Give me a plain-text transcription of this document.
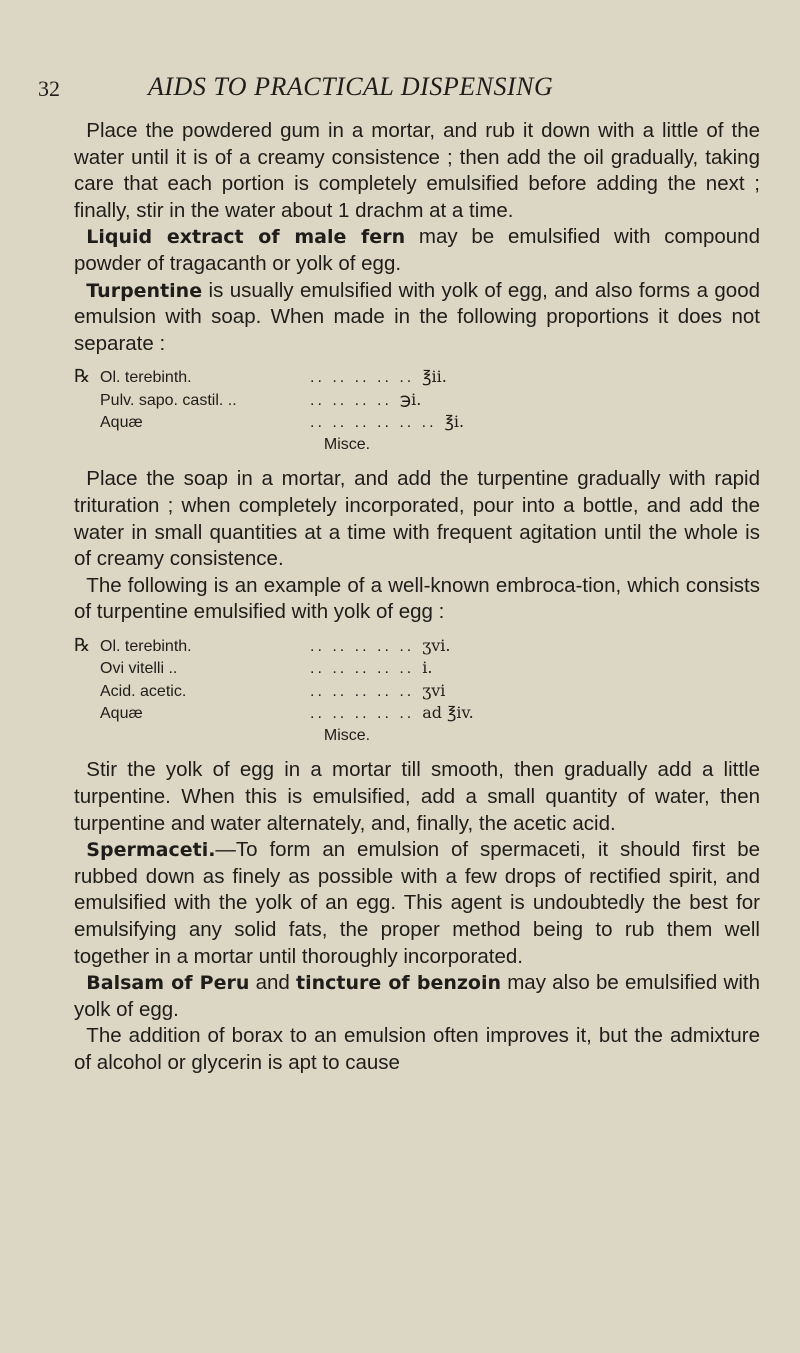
32	AIDS TO PRACTICAL DISPENSING

Place the powdered gum in a mortar, and rub it down with a little of the water until it is of a creamy consistence ; then add the oil gradually, taking care that each portion is completely emulsified before adding the next ; finally, stir in the water about 1 drachm at a time.

Liquid extract of male fern may be emulsified with compound powder of tragacanth or yolk of egg.

Turpentine is usually emulsified with yolk of egg, and also forms a good emulsion with soap. When made in the following proportions it does not separate :

℞ Ol. terebinth.	.. .. .. .. .. ℥ii.
Pulv. sapo. castil. ..	.. .. .. .. ℈i.
Aquæ	.. .. .. .. .. .. ℥i.
Misce.

Place the soap in a mortar, and add the turpentine gradually with rapid trituration ; when completely incorporated, pour into a bottle, and add the water in small quantities at a time with frequent agitation until the whole is of creamy consistence.

The following is an example of a well-known embroca-tion, which consists of turpentine emulsified with yolk of egg :

℞ Ol. terebinth.	.. .. .. .. .. ʒvi.
Ovi vitelli ..	.. .. .. .. .. i.
Acid. acetic.	.. .. .. .. .. ʒvi
Aquæ	.. .. .. .. .. ad ℥iv.
Misce.

Stir the yolk of egg in a mortar till smooth, then gradually add a little turpentine. When this is emulsified, add a small quantity of water, then turpentine and water alternately, and, finally, the acetic acid.

Spermaceti.—To form an emulsion of spermaceti, it should first be rubbed down as finely as possible with a few drops of rectified spirit, and emulsified with the yolk of an egg. This agent is undoubtedly the best for emulsifying any solid fats, the proper method being to rub them well together in a mortar until thoroughly incorporated.

Balsam of Peru and tincture of benzoin may also be emulsified with yolk of egg.

The addition of borax to an emulsion often improves it, but the admixture of alcohol or glycerin is apt to cause
